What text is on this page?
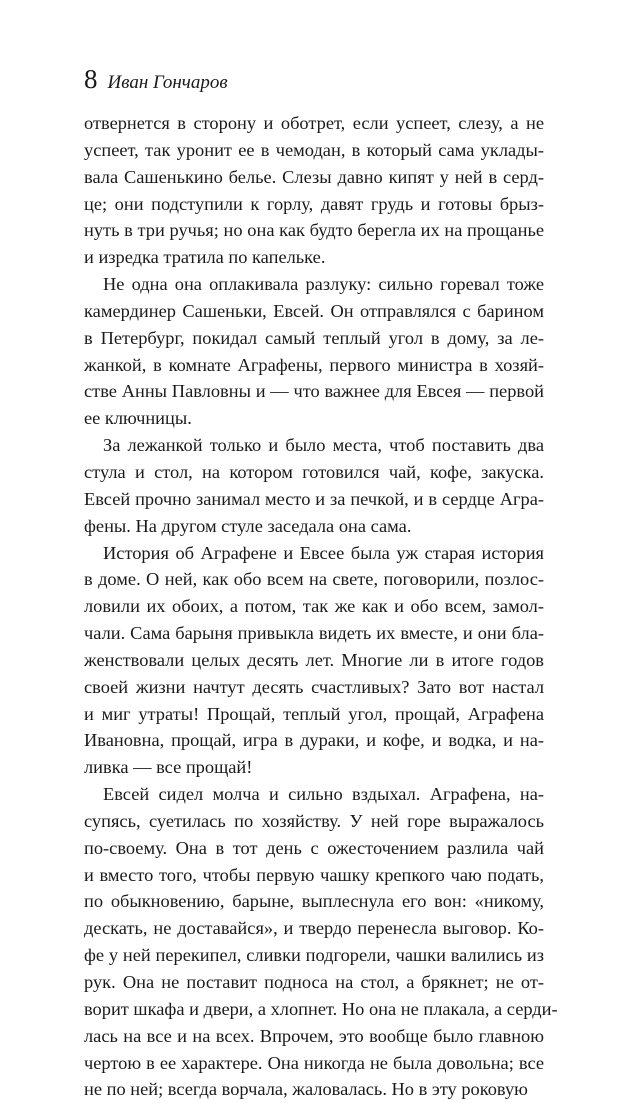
8 Иван Гончаров
отвернется в сторону и оботрет, если успеет, слезу, а не
успеет, так уронит ее в чемодан, в который сама уклады-
вала Сашенькино белье. Слезы давно кипят у ней в серд-
це; они подступили к горлу, давят грудь и готовы брыз-
нуть в три ручья; но она как будто берегла их на прощанье
и изредка тратила по капельке.
Не одна она оплакивала разлуку: сильно горевал тоже
камердинер Сашеньки, Евсей. Он отправлялся с барином
в Петербург, покидал самый теплый угол в дому, за ле-
жанкой, в комнате Аграфены, первого министра в хозяй-
стве Анны Павловны и — что важнее для Евсея — первой
ее ключницы.
За лежанкой только и было места, чтоб поставить два
стула и стол, на котором готовился чай, кофе, закуска.
Евсей прочно занимал место и за печкой, и в сердце Агра-
фены. На другом стуле заседала она сама.
История об Аграфене и Евсее была уж старая история
в доме. О ней, как обо всем на свете, поговорили, позлос-
ловили их обоих, а потом, так же как и обо всем, замол-
чали. Сама барыня привыкла видеть их вместе, и они бла-
женствовали целых десять лет. Многие ли в итоге годов
своей жизни начтут десять счастливых? Зато вот настал
и миг утраты! Прощай, теплый угол, прощай, Аграфена
Ивановна, прощай, игра в дураки, и кофе, и водка, и на-
ливка — все прощай!
Евсей сидел молча и сильно вздыхал. Аграфена, на-
супясь, суетилась по хозяйству. У ней горе выражалось
по-своему. Она в тот день с ожесточением разлила чай
и вместо того, чтобы первую чашку крепкого чаю подать,
по обыкновению, барыне, выплеснула его вон: «никому,
дескать, не доставайся», и твердо перенесла выговор. Ко-
фе у ней перекипел, сливки подгорели, чашки валились из
рук. Она не поставит подноса на стол, а брякнет; не от-
ворит шкафа и двери, а хлопнет. Но она не плакала, а серди-
лась на все и на всех. Впрочем, это вообще было главною
чертою в ее характере. Она никогда не была довольна; все
не по ней; всегда ворчала, жаловалась. Но в эту роковую
